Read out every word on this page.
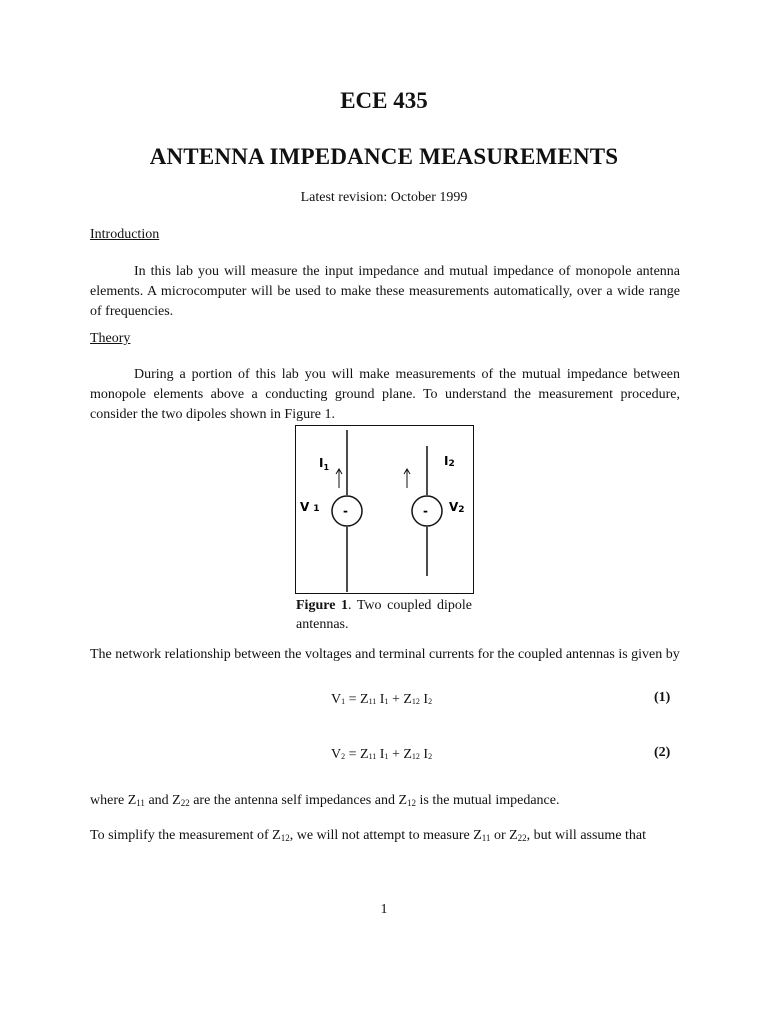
ECE 435
ANTENNA IMPEDANCE MEASUREMENTS
Latest revision: October 1999
Introduction

In this lab you will measure the input impedance and mutual impedance of monopole antenna elements. A microcomputer will be used to make these measurements automatically, over a wide range of frequencies.

Theory

During a portion of this lab you will make measurements of the mutual impedance between monopole elements above a conducting ground plane. To understand the measurement procedure, consider the two dipoles shown in Figure 1.

$I_1$	I2
V 1	V2
-	-
Figure 1. Two coupled dipole antennas.

The network relationship between the voltages and terminal currents for the coupled antennas is given by

$V_1 = Z_{11}$ $I_1 + Z_{12}$ $I_2$	(1)
$V_2 = Z_{11}$ $I_1 + Z_{12}$ $I_2$	(2)

where $Z_{11}$ and $Z_{22}$ are the antenna self impedances and $Z_{12}$ is the mutual impedance.

To simplify the measurement of $Z_{12}$, we will not attempt to measure $Z_{11}$ or $Z_{22}$, but will assume that

1
